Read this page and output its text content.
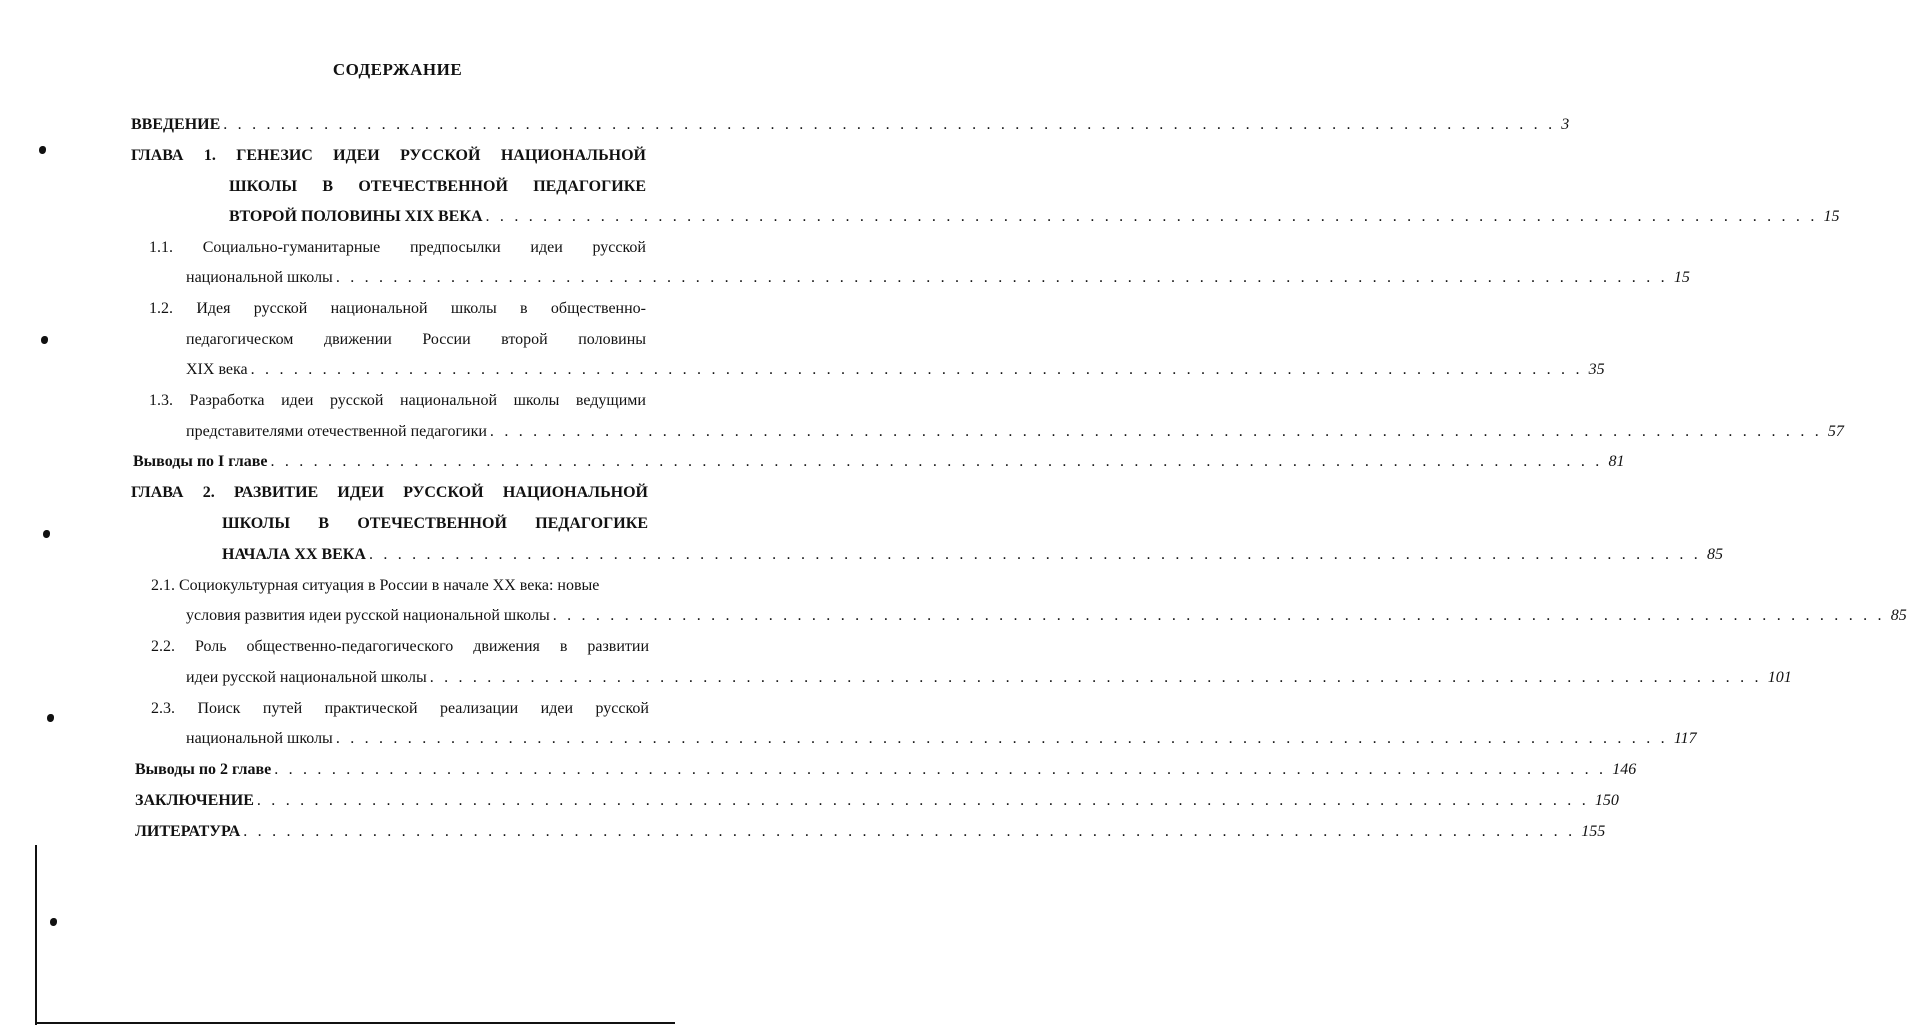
СОДЕРЖАНИЕ
ВВЕДЕНИЕ . . . . . . . . . . . . . . . . . . . . . . . . . . . . . . . . . . . . . . . . . . . . . . . . . . . . . . . . . . . . . . . . . . . . . . . . . . . . . . . . . . . . . . . . . . . . . 3
ГЛАВА 1. ГЕНЕЗИС ИДЕИ РУССКОЙ НАЦИОНАЛЬНОЙ
ШКОЛЫ В ОТЕЧЕСТВЕННОЙ ПЕДАГОГИКЕ
ВТОРОЙ ПОЛОВИНЫ XIX ВЕКА . . . . . . . . . . . . . . . . . . . . . . . . . . . . . . . . . . . . . . . . . . . . . . . . . . . . . . . . . . . . . . . . . . . . . . . . . . . . . . . . . . . . . . . . . . . . . 15
1.1. Социально-гуманитарные предпосылки идеи русской
национальной школы . . . . . . . . . . . . . . . . . . . . . . . . . . . . . . . . . . . . . . . . . . . . . . . . . . . . . . . . . . . . . . . . . . . . . . . . . . . . . . . . . . . . . . . . . . . . . 15
1.2. Идея русской национальной школы в общественно-
педагогическом движении России второй половины
XIX века . . . . . . . . . . . . . . . . . . . . . . . . . . . . . . . . . . . . . . . . . . . . . . . . . . . . . . . . . . . . . . . . . . . . . . . . . . . . . . . . . . . . . . . . . . . . . 35
1.3. Разработка идеи русской национальной школы ведущими
представителями отечественной педагогики . . . . . . . . . . . . . . . . . . . . . . . . . . . . . . . . . . . . . . . . . . . . . . . . . . . . . . . . . . . . . . . . . . . . . . . . . . . . . . . . . . . . . . . . . . . . . 57
Выводы по I главе . . . . . . . . . . . . . . . . . . . . . . . . . . . . . . . . . . . . . . . . . . . . . . . . . . . . . . . . . . . . . . . . . . . . . . . . . . . . . . . . . . . . . . . . . . . . . 81
ГЛАВА 2. РАЗВИТИЕ ИДЕИ РУССКОЙ НАЦИОНАЛЬНОЙ
ШКОЛЫ В ОТЕЧЕСТВЕННОЙ ПЕДАГОГИКЕ
НАЧАЛА XX ВЕКА . . . . . . . . . . . . . . . . . . . . . . . . . . . . . . . . . . . . . . . . . . . . . . . . . . . . . . . . . . . . . . . . . . . . . . . . . . . . . . . . . . . . . . . . . . . . . 85
2.1. Социокультурная ситуация в России в начале XX века: новые
условия развития идеи русской национальной школы . . . . . . . . . . . . . . . . . . . . . . . . . . . . . . . . . . . . . . . . . . . . . . . . . . . . . . . . . . . . . . . . . . . . . . . . . . . . . . . . . . . . . . . . . . . . . 85
2.2. Роль общественно-педагогического движения в развитии
идеи русской национальной школы . . . . . . . . . . . . . . . . . . . . . . . . . . . . . . . . . . . . . . . . . . . . . . . . . . . . . . . . . . . . . . . . . . . . . . . . . . . . . . . . . . . . . . . . . . . . . 101
2.3. Поиск путей практической реализации идеи русской
национальной школы . . . . . . . . . . . . . . . . . . . . . . . . . . . . . . . . . . . . . . . . . . . . . . . . . . . . . . . . . . . . . . . . . . . . . . . . . . . . . . . . . . . . . . . . . . . . . 117
Выводы по 2 главе . . . . . . . . . . . . . . . . . . . . . . . . . . . . . . . . . . . . . . . . . . . . . . . . . . . . . . . . . . . . . . . . . . . . . . . . . . . . . . . . . . . . . . . . . . . . . 146
ЗАКЛЮЧЕНИЕ . . . . . . . . . . . . . . . . . . . . . . . . . . . . . . . . . . . . . . . . . . . . . . . . . . . . . . . . . . . . . . . . . . . . . . . . . . . . . . . . . . . . . . . . . . . . . 150
ЛИТЕРАТУРА . . . . . . . . . . . . . . . . . . . . . . . . . . . . . . . . . . . . . . . . . . . . . . . . . . . . . . . . . . . . . . . . . . . . . . . . . . . . . . . . . . . . . . . . . . . . . 155
